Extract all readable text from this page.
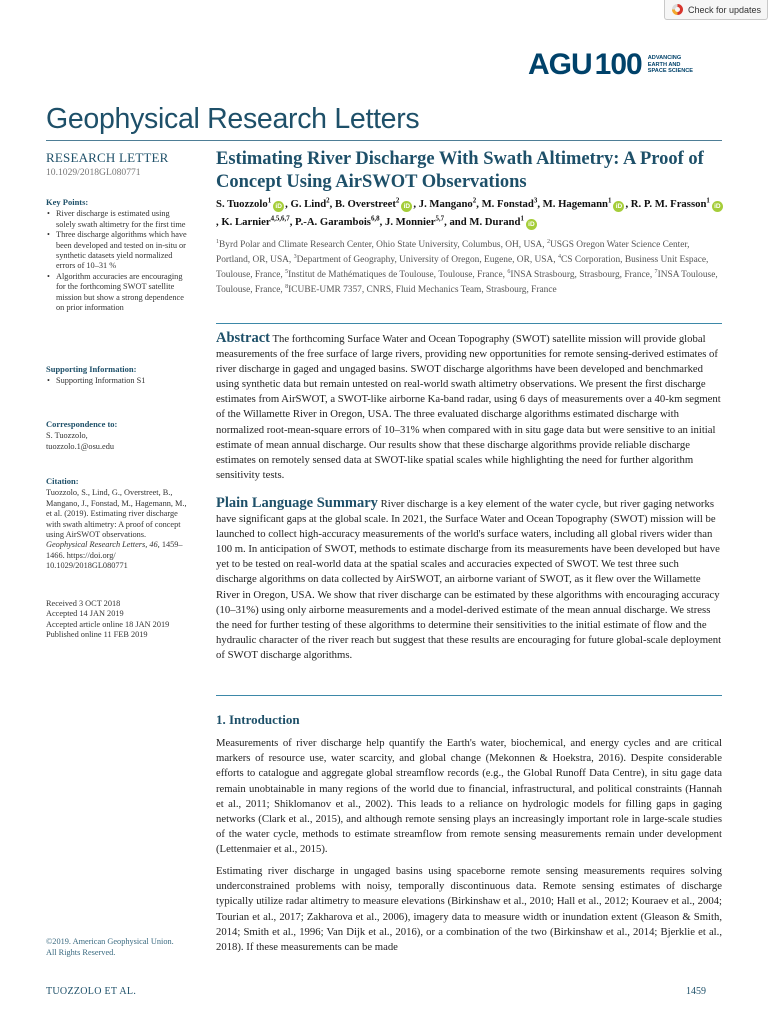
Check for updates
AGU 100 ADVANCING
EARTH AND
SPACE SCIENCE
Geophysical Research Letters
RESEARCH LETTER
10.1029/2018GL080771
Key Points:
• River discharge is estimated using solely swath altimetry for the first time
• Three discharge algorithms which have been developed and tested on in-situ or synthetic datasets yield normalized errors of 10–31 %
• Algorithm accuracies are encouraging for the forthcoming SWOT satellite mission but show a strong dependence on prior information
Supporting Information:
• Supporting Information S1
Correspondence to:
S. Tuozzolo,
tuozzolo.1@osu.edu
Citation:
Tuozzolo, S., Lind, G., Overstreet, B., Mangano, J., Fonstad, M., Hagemann, M., et al. (2019). Estimating river discharge with swath altimetry: A proof of concept using AirSWOT observations. Geophysical Research Letters, 46, 1459–1466. https://doi.org/ 10.1029/2018GL080771
Received 3 OCT 2018
Accepted 14 JAN 2019
Accepted article online 18 JAN 2019
Published online 11 FEB 2019
©2019. American Geophysical Union.
All Rights Reserved.
Estimating River Discharge With Swath Altimetry: A Proof of Concept Using AirSWOT Observations
S. Tuozzolo$^1$iD , G. Lind$^2$, B. Overstreet$^2$iD , J. Mangano$^2$, M. Fonstad$^3$, M. Hagemann$^1$iD , R. P. M. Frasson$^1$iD, K. Larnier$^{4,5,6,7}$, P.-A. Garambois$^{6,8}$, J. Monnier$^{5,7}$, and M. Durand$^1$iD
$^1$Byrd Polar and Climate Research Center, Ohio State University, Columbus, OH, USA, $^2$USGS Oregon Water Science Center, Portland, OR, USA, $^3$Department of Geography, University of Oregon, Eugene, OR, USA, $^4$CS Corporation, Business Unit Espace, Toulouse, France, $^5$Institut de Mathématiques de Toulouse, Toulouse, France, $^6$INSA Strasbourg, Strasbourg, France, $^7$INSA Toulouse, Toulouse, France, $^8$ICUBE-UMR 7357, CNRS, Fluid Mechanics Team, Strasbourg, France
Abstract The forthcoming Surface Water and Ocean Topography (SWOT) satellite mission will provide global measurements of the free surface of large rivers, providing new opportunities for remote sensing-derived estimates of river discharge in gaged and ungaged basins. SWOT discharge algorithms have been developed and benchmarked using synthetic data but remain untested on real-world swath altimetry observations. We present the first discharge estimates from AirSWOT, a SWOT-like airborne Ka-band radar, using 6 days of measurements over a 40-km segment of the Willamette River in Oregon, USA. The three evaluated discharge algorithms estimated discharge with normalized root-mean-square errors of 10–31% when compared with in situ gage data but were sensitive to an initial estimate of mean annual discharge. Our results show that these discharge algorithms provide reliable discharge estimates on remotely sensed data at SWOT-like spatial scales while highlighting the need for further algorithm sensitivity tests.
Plain Language Summary River discharge is a key element of the water cycle, but river gaging networks have significant gaps at the global scale. In 2021, the Surface Water and Ocean Topography (SWOT) mission will be launched to collect high-accuracy measurements of the world's surface waters, including all global rivers wider than 100 m. In anticipation of SWOT, methods to estimate discharge from its measurements have been developed but have yet to be tested on real-world data at the spatial scales and accuracies expected of SWOT. We test three such discharge algorithms on data collected by AirSWOT, an airborne variant of SWOT, as it flew over the Willamette River in Oregon, USA. We show that river discharge can be estimated by these algorithms with encouraging accuracy (10–31%) using only airborne measurements and a model-derived estimate of the mean annual discharge. We stress the need for further testing of these algorithms to determine their sensitivities to the initial estimate of flow and the hydraulic character of the river reach but suggest that these results are encouraging for future global-scale deployment of SWOT discharge algorithms.
1. Introduction
Measurements of river discharge help quantify the Earth's water, biochemical, and energy cycles and are critical markers of resource use, water scarcity, and global change (Mekonnen & Hoekstra, 2016). Despite considerable efforts to catalogue and aggregate global streamflow records (e.g., the Global Runoff Data Centre), in situ gage data remain unobtainable in many regions of the world due to financial, infrastructural, and political constraints (Hannah et al., 2011; Shiklomanov et al., 2002). This leads to a reliance on hydrologic models for filling gaps in gaging networks (Clark et al., 2015), and although remote sensing plays an increasingly important role in large-scale studies of the water cycle, methods to estimate streamflow from remote sensing measurements remain under development (Lettenmaier et al., 2015).
Estimating river discharge in ungaged basins using spaceborne remote sensing measurements requires solving underconstrained problems with noisy, temporally discontinuous data. Remote sensing estimates of discharge typically utilize radar altimetry to measure elevations (Birkinshaw et al., 2010; Hall et al., 2012; Kouraev et al., 2004; Tourian et al., 2017; Zakharova et al., 2006), imagery data to measure width or inundation extent (Gleason & Smith, 2014; Smith et al., 1996; Van Dijk et al., 2016), or a combination of the two (Birkinshaw et al., 2014; Bjerklie et al., 2018). If these measurements can be made
TUOZZOLO ET AL.	1459
